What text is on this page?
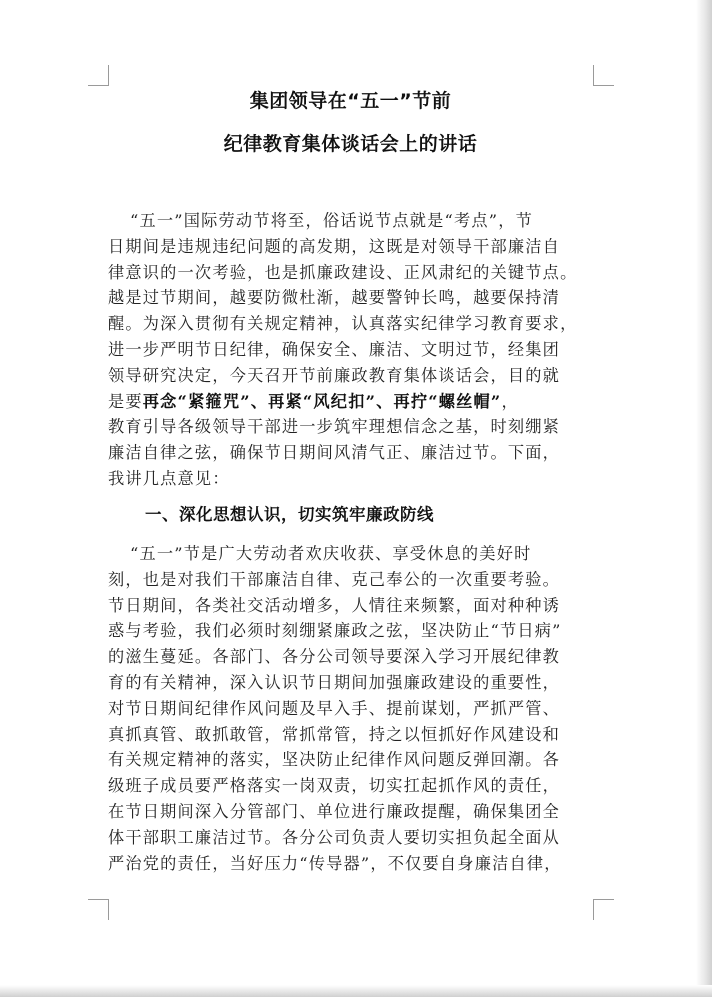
集团领导在“五一”节前
纪律教育集体谈话会上的讲话
“五一”国际劳动节将至，俗话说节点就是“考点”，节
日期间是违规违纪问题的高发期，这既是对领导干部廉洁自
律意识的一次考验，也是抓廉政建设、正风肃纪的关键节点。
越是过节期间，越要防微杜渐，越要警钟长鸣，越要保持清
醒。为深入贯彻有关规定精神，认真落实纪律学习教育要求，
进一步严明节日纪律，确保安全、廉洁、文明过节，经集团
领导研究决定，今天召开节前廉政教育集体谈话会，目的就
是要再念“紧箍咒”、再紧“风纪扣”、再拧“螺丝帽”，
教育引导各级领导干部进一步筑牢理想信念之基，时刻绷紧
廉洁自律之弦，确保节日期间风清气正、廉洁过节。下面，
我讲几点意见：
一、深化思想认识，切实筑牢廉政防线
“五一”节是广大劳动者欢庆收获、享受休息的美好时
刻，也是对我们干部廉洁自律、克己奉公的一次重要考验。
节日期间，各类社交活动增多，人情往来频繁，面对种种诱
惑与考验，我们必须时刻绷紧廉政之弦，坚决防止“节日病”
的滋生蔓延。各部门、各分公司领导要深入学习开展纪律教
育的有关精神，深入认识节日期间加强廉政建设的重要性，
对节日期间纪律作风问题及早入手、提前谋划，严抓严管、
真抓真管、敢抓敢管，常抓常管，持之以恒抓好作风建设和
有关规定精神的落实，坚决防止纪律作风问题反弹回潮。各
级班子成员要严格落实一岗双责，切实扛起抓作风的责任，
在节日期间深入分管部门、单位进行廉政提醒，确保集团全
体干部职工廉洁过节。各分公司负责人要切实担负起全面从
严治党的责任，当好压力“传导器”，不仅要自身廉洁自律，
